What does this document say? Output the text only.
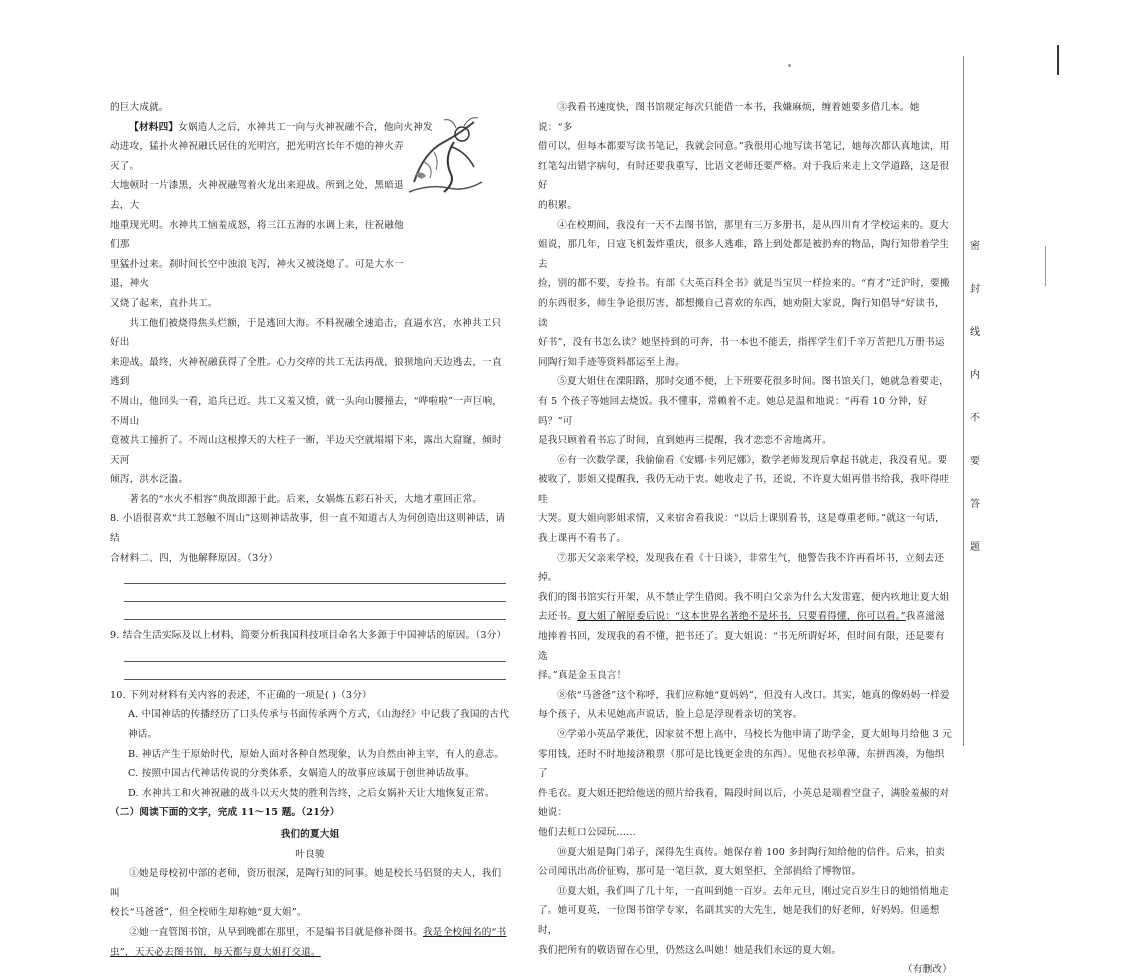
密
封
线
内
不
要
答
题

的巨大成就。

【材料四】女娲造人之后，水神共工一向与火神祝融不合，他向火神发

动进攻，猛扑火神祝融氏居住的光明宫，把光明宫长年不熄的神火弄灭了。

大地顿时一片漆黑，火神祝融驾着火龙出来迎战。所到之处，黑暗退去，大

地重现光明。水神共工恼羞成怒，将三江五海的水调上来，往祝融他们那

里猛扑过来。刹时间长空中浊浪飞泻，神火又被浇熄了。可是大水一退，神火

又烧了起来，直扑共工。

共工他们被烧得焦头烂额，于是逃回大海。不料祝融全速追击，直逼水宫，水神共工只好出

来迎战。最终，火神祝融获得了全胜。心力交瘁的共工无法再战，狼狈地向天边逃去，一直逃到

不周山，他回头一看，追兵已近。共工又羞又愤，就一头向山腰撞去，“哗啦啦”一声巨响，不周山

竟被共工撞折了。不周山这根撑天的大柱子一断，半边天空就塌塌下来，露出大窟窿，倾时天河

倾泻，洪水泛滥。

著名的“水火不相容”典故即源于此。后来，女娲炼五彩石补天，大地才重回正常。

8. 小语很喜欢“共工怒触不周山”这则神话故事，但一直不知道古人为何创造出这则神话，请结

合材料二、四，为他解释原因。（3分）

9. 结合生活实际及以上材料，简要分析我国科技项目命名大多源于中国神话的原因。（3分）

10. 下列对材料有关内容的表述，不正确的一项是( )（3分）

A. 中国神话的传播经历了口头传承与书面传承两个方式，《山海经》中记载了我国的古代神话。

B. 神话产生于原始时代，原始人面对各种自然现象，认为自然由神主宰，有人的意志。

C. 按照中国古代神话传说的分类体系，女娲造人的故事应该属于创世神话故事。

D. 水神共工和火神祝融的战斗以天火焚的胜利告终，之后女娲补天让大地恢复正常。

（二）阅读下面的文字，完成 11～15 题。（21分）

我们的夏大姐

叶良骏

①她是母校初中部的老师，资历很深，是陶行知的同事。她是校长马侣贤的夫人，我们叫

校长“马爸爸”，但全校师生却称她“夏大姐”。

②她一直管图书馆，从早到晚都在那里，不是编书目就是修补图书。我是全校闻名的“书

虫”，天天必去图书馆，每天都与夏大姐打交道。

③我看书速度快，图书馆规定每次只能借一本书，我嫌麻烦，缠着她要多借几本。她说：“多

借可以，但每本都要写读书笔记，我就会同意。”我很用心地写读书笔记，她每次都认真地读，用

红笔勾出错字病句，有时还要我重写，比语文老师还要严格。对于我后来走上文学道路，这是很好

的积累。

④在校期间，我没有一天不去图书馆，那里有三万多册书，是从四川育才学校运来的。夏大

姐说，那几年，日寇飞机轰炸重庆，很多人逃难，路上到处都是被扔弃的物品，陶行知带着学生去

捡，别的都不要，专捡书。有部《大英百科全书》就是当宝贝一样捡来的。“育才”迁沪时，要搬

的东西很多，师生争论很厉害，都想搬自己喜欢的东西，她劝阻大家说，陶行知倡导“好读书，读

好书”，没有书怎么读？她坚持到的可奔，书一本也不能丢，指挥学生们千辛万苦把几万册书运

同陶行知手迹等资料都运至上海。

⑤夏大姐住在溧阳路，那时交通不便，上下班要花很多时间。图书馆关门，她就急着要走，

有 5 个孩子等她回去烧饭。我不懂事，常赖着不走。她总是温和地说：“再看 10 分钟，好吗？”可

是我只顾着看书忘了时间，直到她再三提醒，我才恋恋不舍地离开。

⑥有一次数学课，我偷偷看《安娜·卡列尼娜》，数学老师发现后拿起书就走，我没看见。要

被收了，影姐又提醒我，我仍无动于衷。她收走了书，还说，不许夏大姐再借书给我，我吓得哇哇

大哭。夏大姐向影姐求情，又来宿舍看我说：“以后上课别看书，这是尊重老师。”就这一句话，

我上课再不看书了。

⑦那天父亲来学校，发现我在看《十日谈》，非常生气，他警告我不许再看坏书，立刻去还掉。

我们的图书馆实行开架，从不禁止学生借阅。我不明白父亲为什么大发雷霆，便内疚地让夏大姐

去还书。夏大姐了解原委后说：“这本世界名著绝不是坏书，只要看得懂，你可以看。”我喜滋滋

地捧着书回，发现我的看不懂，把书还了。夏大姐说：“书无所谓好坏，但时间有限，还是要有选

择。”真是金玉良言！

⑧依“马爸爸”这个称呼，我们应称她“夏妈妈”，但没有人改口。其实，她真的像妈妈一样爱

每个孩子，从未见她高声说话，脸上总是浮现着亲切的笑容。

⑨学弟小英品学兼优，因家贫不想上高中，马校长为他申请了助学金，夏大姐每月给他 3 元

零用钱，还时不时地接济粮票（那可是比钱更金贵的东西）。见他衣衫单薄，东拼西凑，为他织了

件毛衣。夏大姐还把给他送的照片给我看，隔段时间以后，小英总是端着空盘子，满脸羞赧的对她说：

他们去虹口公园玩……

⑩夏大姐是陶门弟子，深得先生真传。她保存着 100 多封陶行知给他的信件。后来，拍卖

公司闻讯出高价征购，那可是一笔巨款，夏大姐坚拒，全部捐给了博物馆。

⑪夏大姐，我们叫了几十年，一直叫到她一百岁。去年元旦，刚过完百岁生日的她悄悄地走

了。她可夏英，一位图书馆学专家，名副其实的大先生，她是我们的好老师，好妈妈。但遥想时，

我们把所有的敬语留在心里，仍然这么叫她！她是我们永远的夏大姐。

（有删改）
